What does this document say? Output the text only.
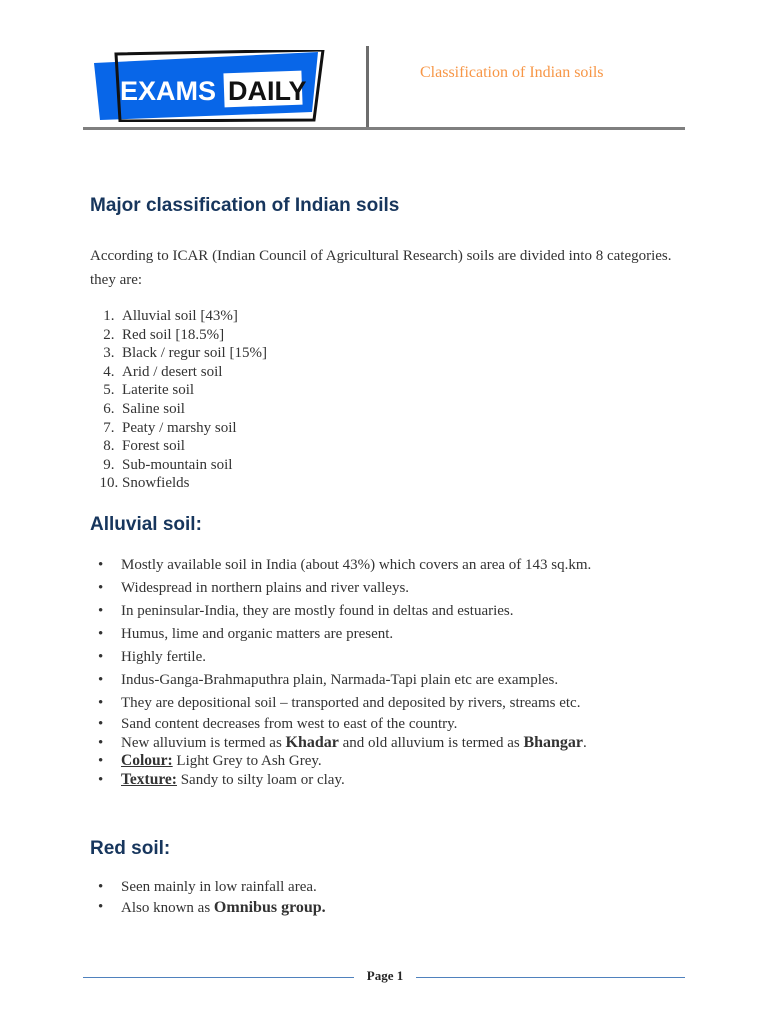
EXAMS DAILY
Classification of Indian soils
Major classification of Indian soils
According to ICAR (Indian Council of Agricultural Research) soils are divided into 8 categories. they are:
1. Alluvial soil [43%]
2. Red soil [18.5%]
3. Black / regur soil [15%]
4. Arid / desert soil
5. Laterite soil
6. Saline soil
7. Peaty / marshy soil
8. Forest soil
9. Sub-mountain soil
10. Snowfields
Alluvial soil:
•	Mostly available soil in India (about 43%) which covers an area of 143 sq.km.
•	Widespread in northern plains and river valleys.
•	In peninsular-India, they are mostly found in deltas and estuaries.
•	Humus, lime and organic matters are present.
•	Highly fertile.
•	Indus-Ganga-Brahmaputhra plain, Narmada-Tapi plain etc are examples.
•	They are depositional soil – transported and deposited by rivers, streams etc.
•	Sand content decreases from west to east of the country.
•	New alluvium is termed as Khadar and old alluvium is termed as Bhangar.
•	Colour: Light Grey to Ash Grey.
•	Texture: Sandy to silty loam or clay.
Red soil:
•	Seen mainly in low rainfall area.
•	Also known as Omnibus group.
Page 1
